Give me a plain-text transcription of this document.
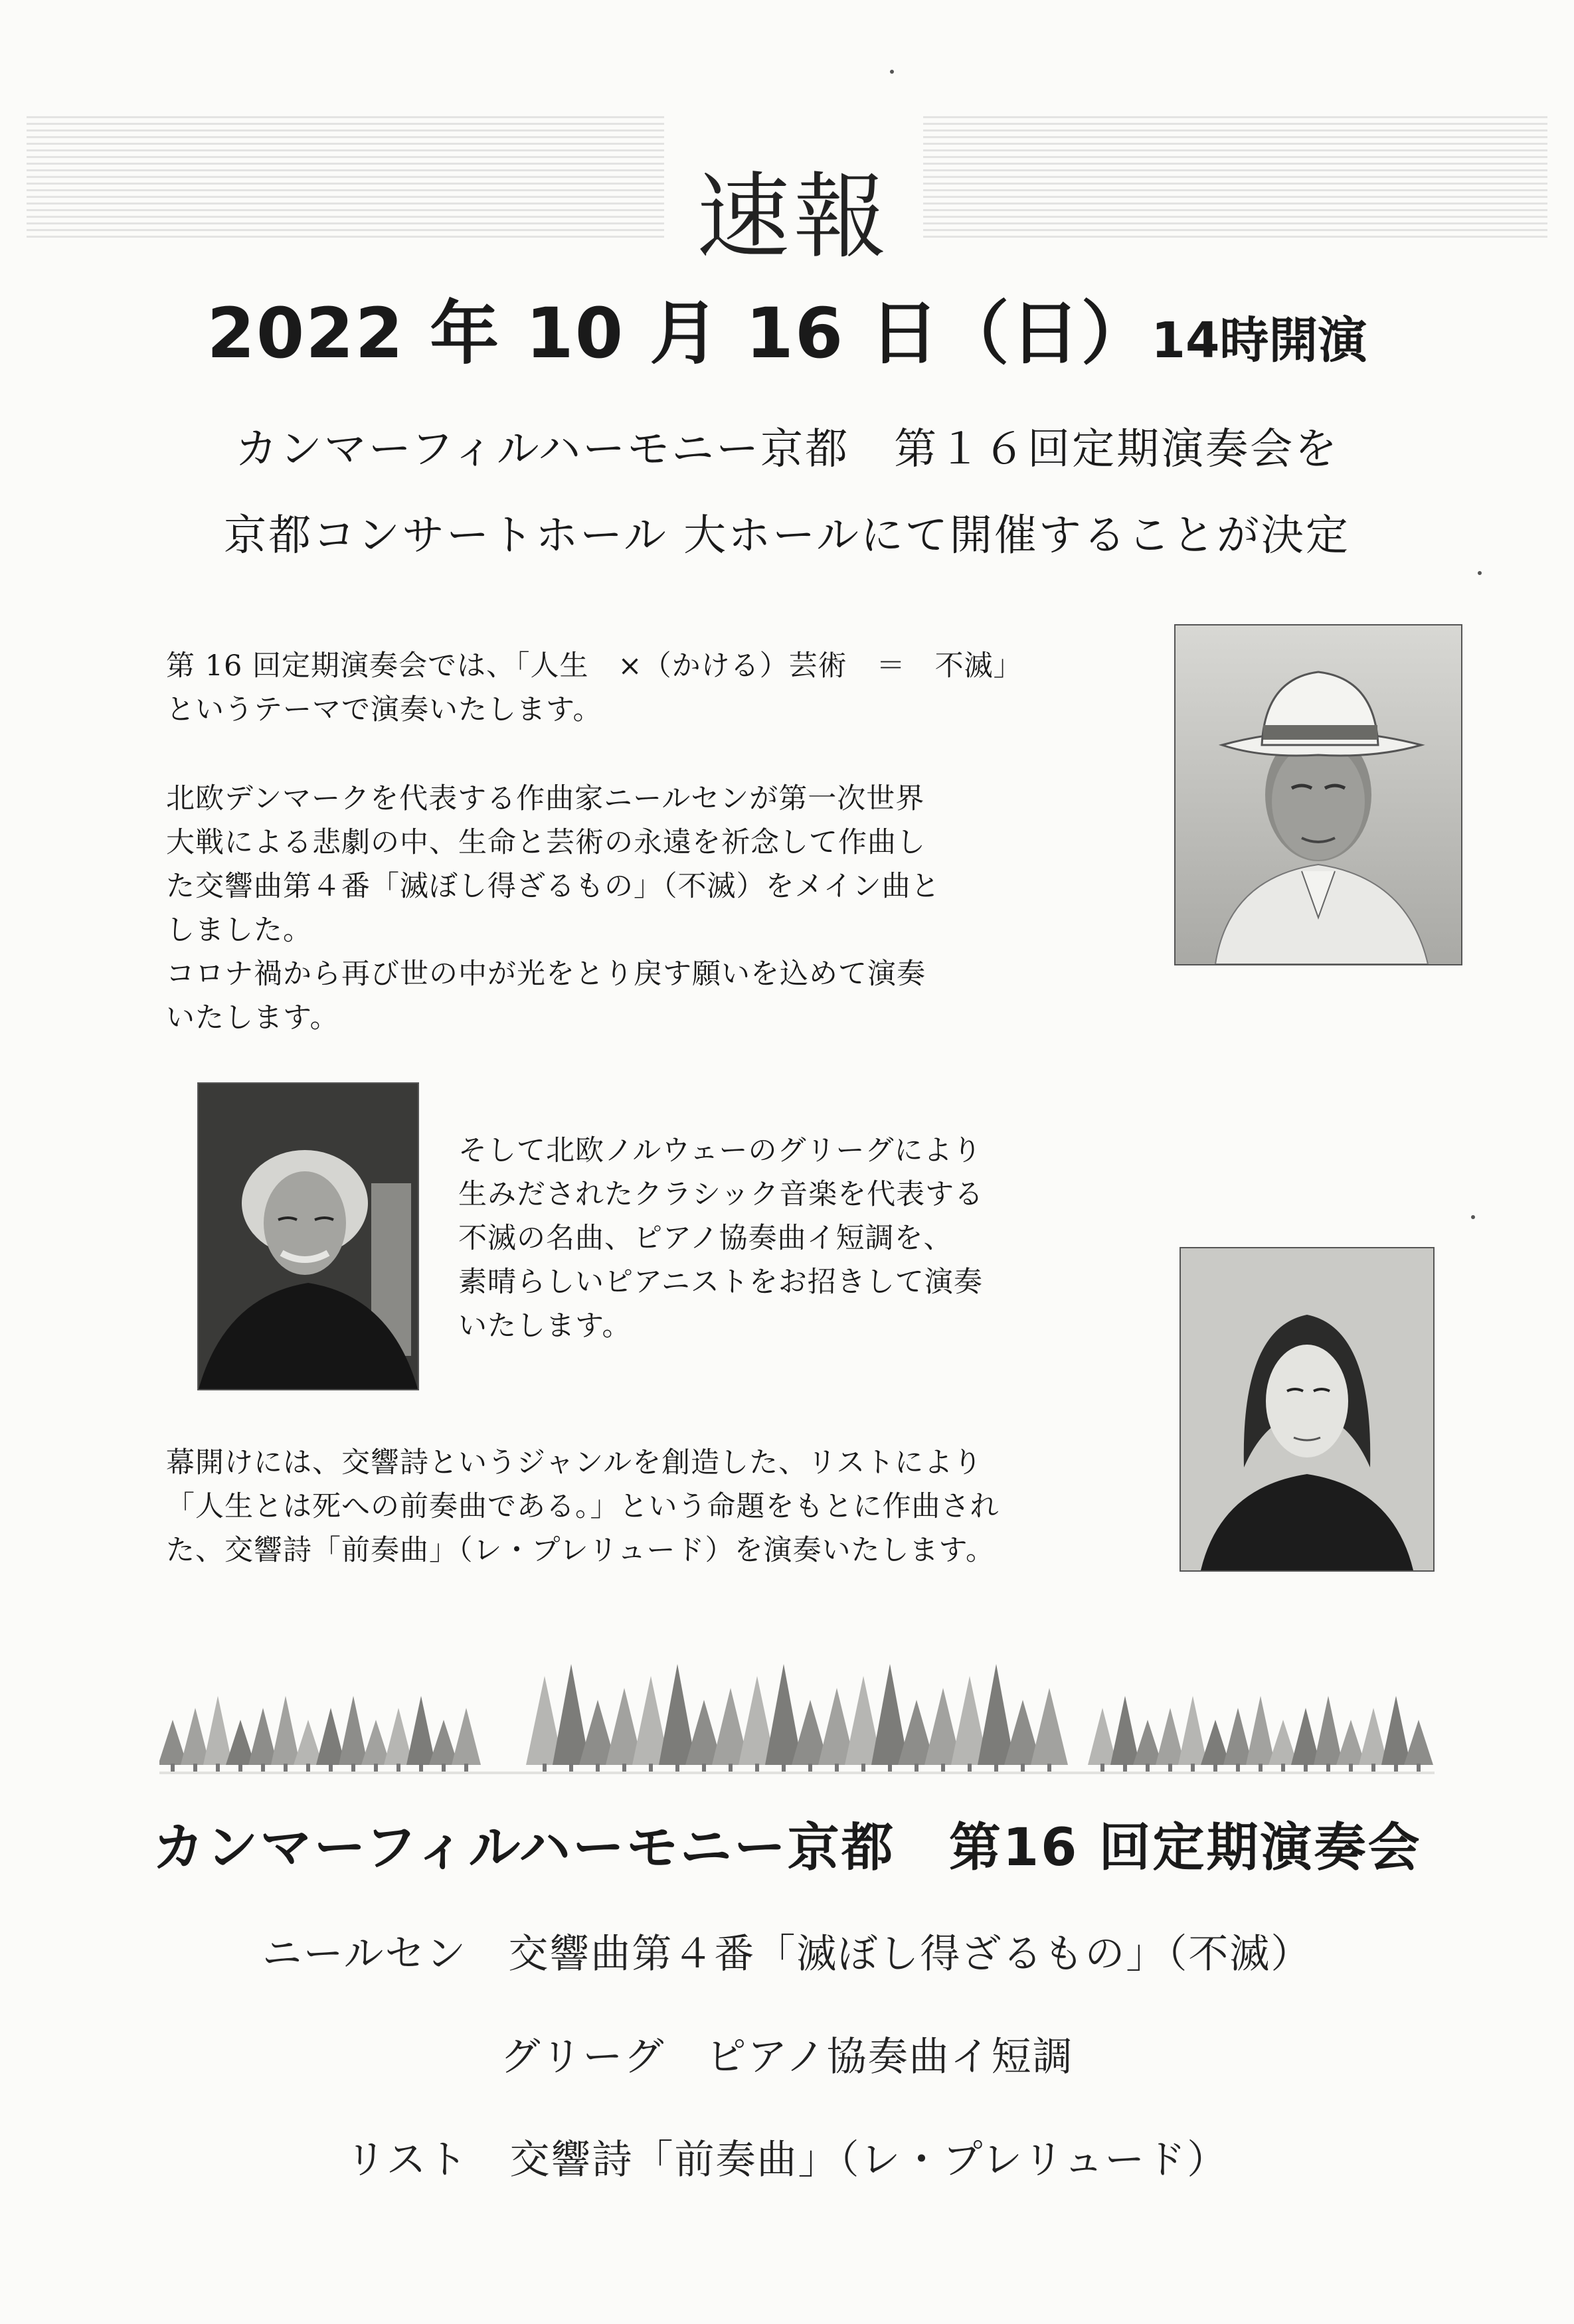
速報
2022 年 10 月 16 日（日）14時開演
カンマーフィルハーモニー京都　第１６回定期演奏会を
京都コンサートホール 大ホールにて開催することが決定
第 16 回定期演奏会では、「人生　×（かける）芸術　＝　不滅」
というテーマで演奏いたします。
北欧デンマークを代表する作曲家ニールセンが第一次世界
大戦による悲劇の中、生命と芸術の永遠を祈念して作曲し
た交響曲第４番「滅ぼし得ざるもの」（不滅）をメイン曲と
しました。
コロナ禍から再び世の中が光をとり戻す願いを込めて演奏
いたします。
そして北欧ノルウェーのグリーグにより
生みだされたクラシック音楽を代表する
不滅の名曲、ピアノ協奏曲イ短調を、
素晴らしいピアニストをお招きして演奏
いたします。
幕開けには、交響詩というジャンルを創造した、リストにより
「人生とは死への前奏曲である。」という命題をもとに作曲され
た、交響詩「前奏曲」（レ・プレリュード）を演奏いたします。
カンマーフィルハーモニー京都　第16 回定期演奏会
ニールセン　交響曲第４番「滅ぼし得ざるもの」（不滅）
グリーグ　ピアノ協奏曲イ短調
リスト　交響詩「前奏曲」（レ・プレリュード）
